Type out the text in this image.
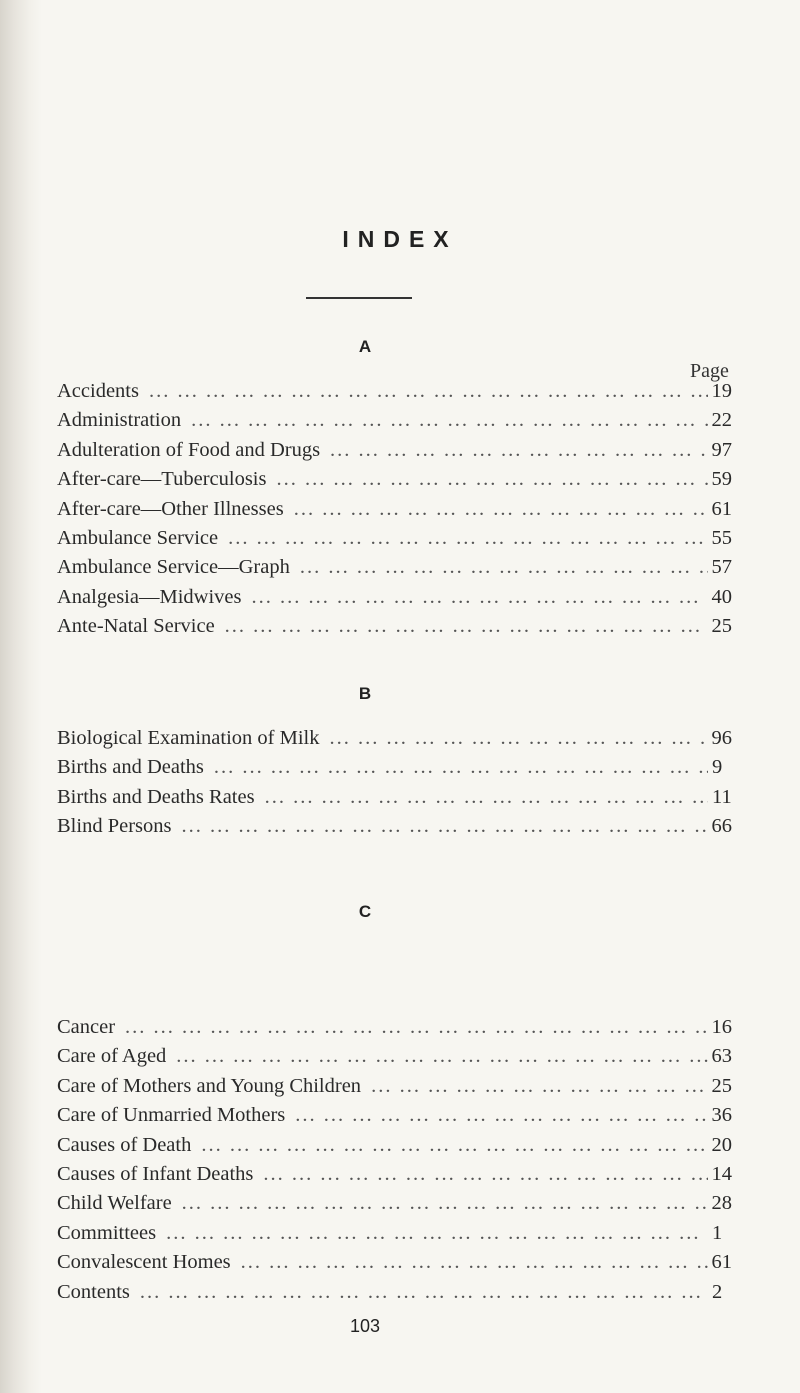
INDEX
A
Page
Accidents ... .	19
Administration ... .	22
Adulteration of Food and Drugs ... .	97
After-care—Tuberculosis ... .	59
After-care—Other Illnesses ... .	61
Ambulance Service ... .	55
Ambulance Service—Graph ... .	57
Analgesia—Midwives ... .	40
Ante-Natal Service ... .	25
B
Biological Examination of Milk ... .	96
Births and Deaths ... .	9
Births and Deaths Rates ... .	11
Blind Persons ... .	66
C
Cancer ... .	16
Care of Aged ... .	63
Care of Mothers and Young Children ... .	25
Care of Unmarried Mothers ... .	36
Causes of Death ... .	20
Causes of Infant Deaths ... .	14
Child Welfare ... .	28
Committees ... .	1
Convalescent Homes ... .	61
Contents ... .	2
103
